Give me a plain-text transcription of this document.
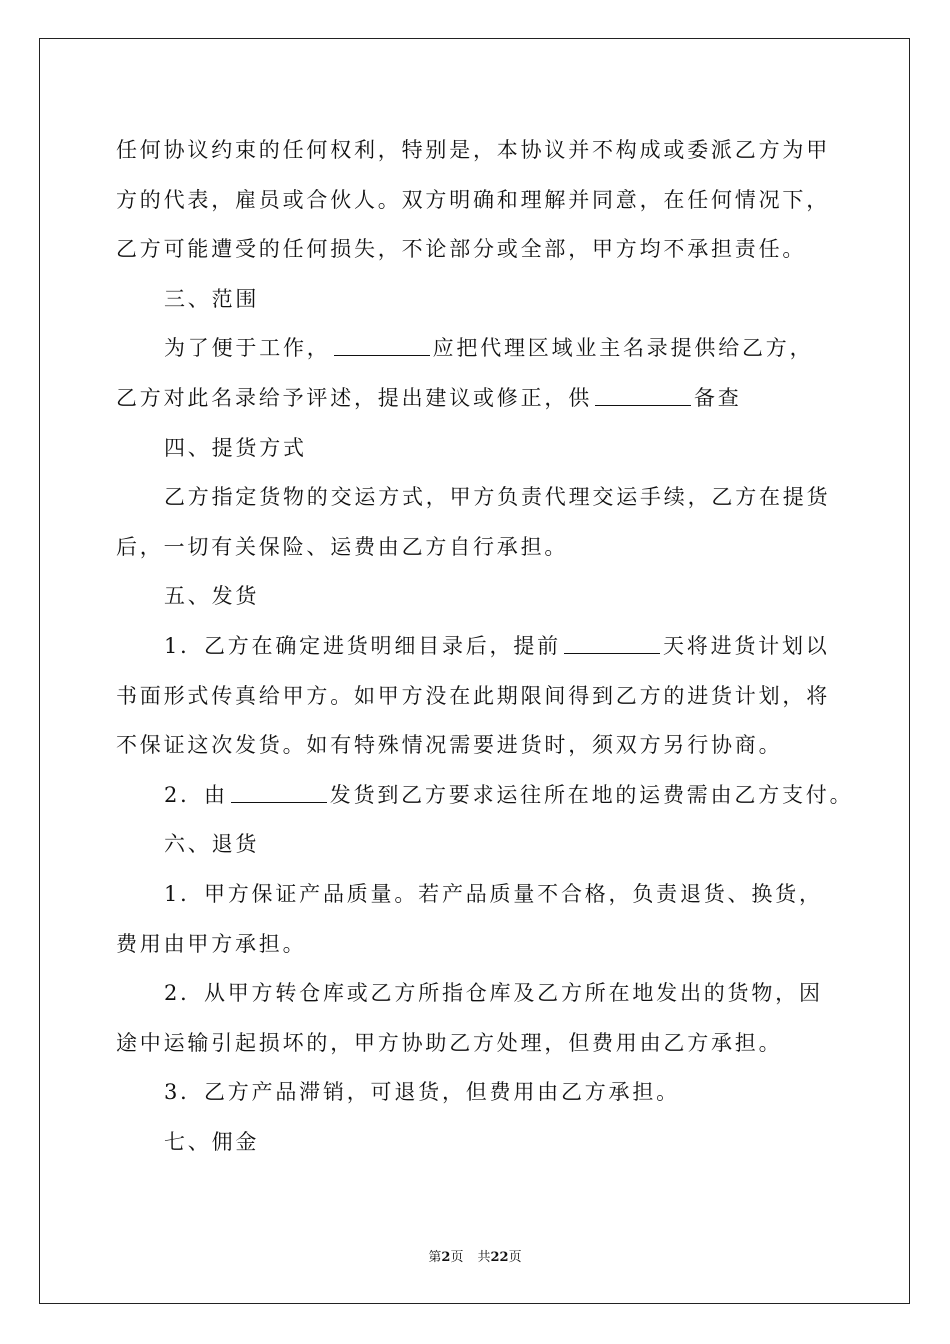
任何协议约束的任何权利，特别是，本协议并不构成或委派乙方为甲
方的代表，雇员或合伙人。双方明确和理解并同意，在任何情况下，
乙方可能遭受的任何损失，不论部分或全部，甲方均不承担责任。
三、范围
为了便于工作，	应把代理区域业主名录提供给乙方，
乙方对此名录给予评述，提出建议或修正，供	备查
四、提货方式
乙方指定货物的交运方式，甲方负责代理交运手续，乙方在提货
后，一切有关保险、运费由乙方自行承担。
五、发货
1．乙方在确定进货明细目录后，提前	天将进货计划以
书面形式传真给甲方。如甲方没在此期限间得到乙方的进货计划，将
不保证这次发货。如有特殊情况需要进货时，须双方另行协商。
2．由	发货到乙方要求运往所在地的运费需由乙方支付。
六、退货
1．甲方保证产品质量。若产品质量不合格，负责退货、换货，
费用由甲方承担。
2．从甲方转仓库或乙方所指仓库及乙方所在地发出的货物，因
途中运输引起损坏的，甲方协助乙方处理，但费用由乙方承担。
3．乙方产品滞销，可退货，但费用由乙方承担。
七、佣金
第2页 共22页
